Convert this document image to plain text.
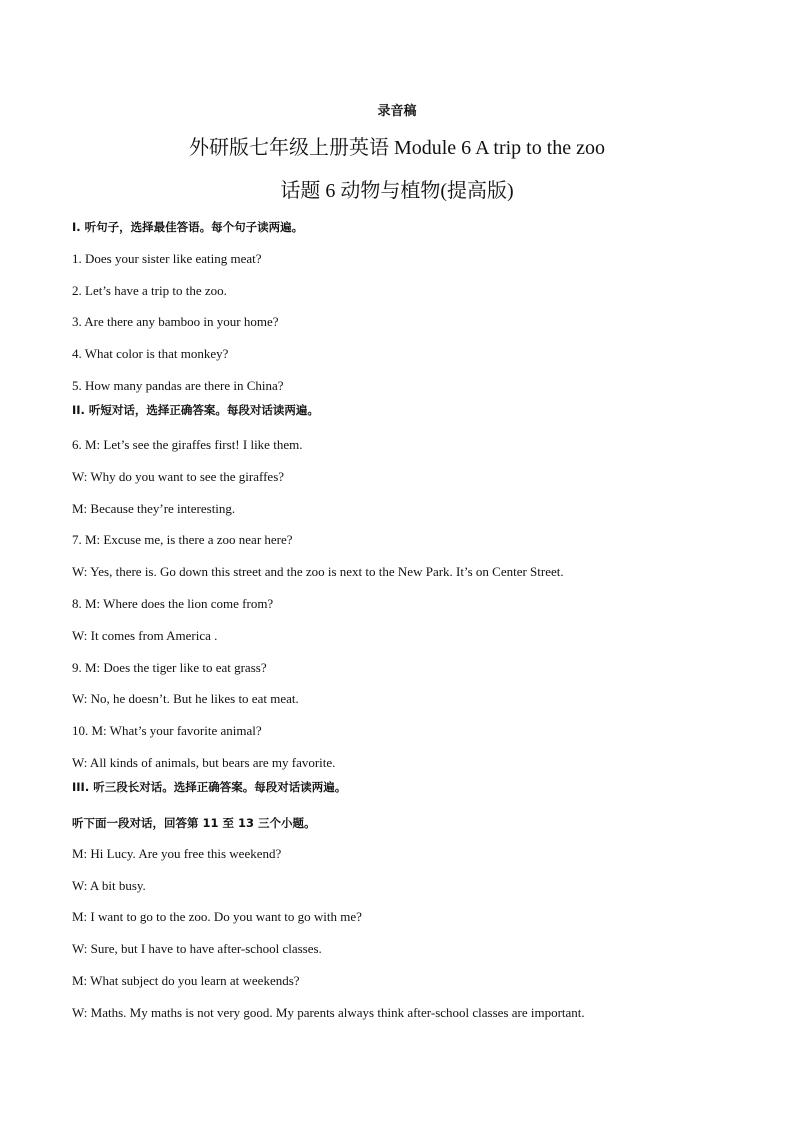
录音稿
外研版七年级上册英语 Module 6 A trip to the zoo
话题 6 动物与植物(提高版)
Ⅰ. 听句子，选择最佳答语。每个句子读两遍。
1. Does your sister like eating meat?
2. Let’s have a trip to the zoo.
3. Are there any bamboo in your home?
4. What color is that monkey?
5. How many pandas are there in China?
II. 听短对话，选择正确答案。每段对话读两遍。
6. M: Let’s see the giraffes first! I like them.
W: Why do you want to see the giraffes?
M: Because they’re interesting.
7. M: Excuse me, is there a zoo near here?
W: Yes, there is. Go down this street and the zoo is next to the New Park. It’s on Center Street.
8. M: Where does the lion come from?
W: It comes from America .
9. M: Does the tiger like to eat grass?
W: No, he doesn’t. But he likes to eat meat.
10. M: What’s your favorite animal?
W: All kinds of animals, but bears are my favorite.
III. 听三段长对话。选择正确答案。每段对话读两遍。
听下面一段对话，回答第 11 至 13 三个小题。
M: Hi Lucy. Are you free this weekend?
W: A bit busy.
M: I want to go to the zoo. Do you want to go with me?
W: Sure, but I have to have after-school classes.
M: What subject do you learn at weekends?
W: Maths. My maths is not very good. My parents always think after-school classes are important.
